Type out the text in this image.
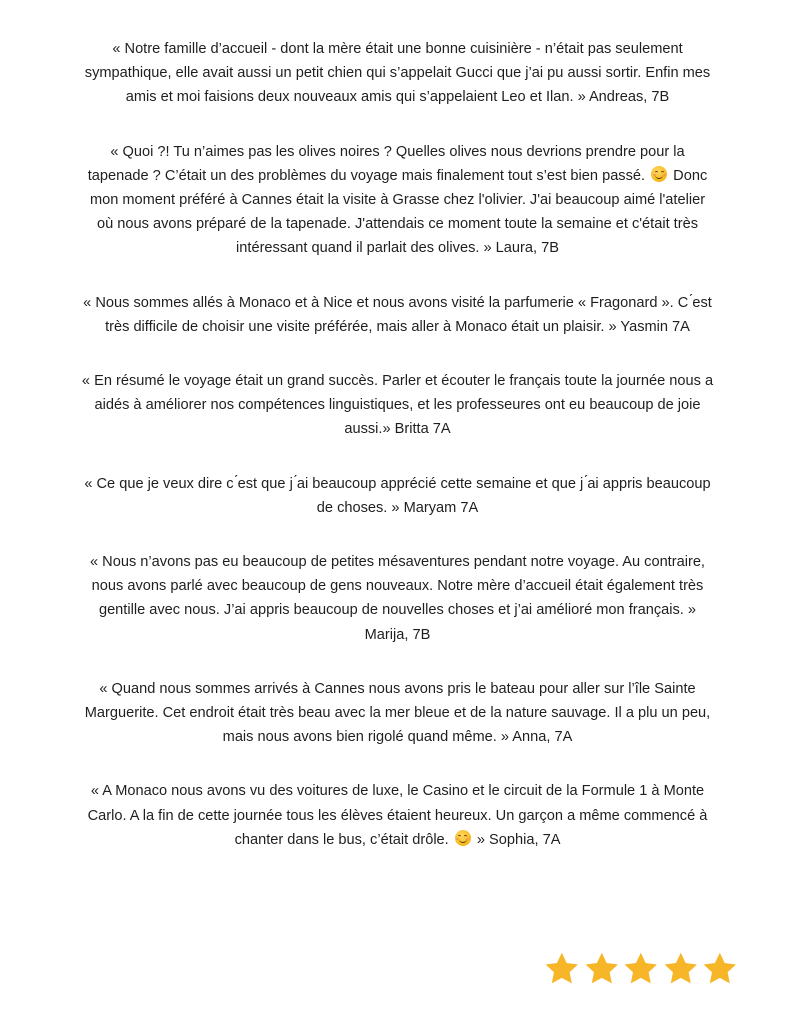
« Notre famille d’accueil - dont la mère était une bonne cuisinière - n’était pas seulement sympathique, elle avait aussi un petit chien qui s’appelait Gucci que j’ai pu aussi sortir. Enfin mes amis et moi faisions deux nouveaux amis qui s’appelaient Leo et Ilan. » Andreas, 7B
« Quoi ?! Tu n’aimes pas les olives noires ? Quelles olives nous devrions prendre pour la tapenade ? C’était un des problèmes du voyage mais finalement tout s’est bien passé.
Donc mon moment préféré à Cannes était la visite à Grasse chez l'olivier. J'ai beaucoup aimé l'atelier où nous avons préparé de la tapenade. J'attendais ce moment toute la semaine et c'était très intéressant quand il parlait des olives. » Laura, 7B
« Nous sommes allés à Monaco et à Nice et nous avons visité la parfumerie « Fragonard ». C ́est très difficile de choisir une visite préférée, mais aller à Monaco était un plaisir. » Yasmin 7A
« En résumé le voyage était un grand succès. Parler et écouter le français toute la journée nous a aidés à améliorer nos compétences linguistiques, et les professeures ont eu beaucoup de joie aussi.» Britta 7A
« Ce que je veux dire c ́est que j ́ai beaucoup apprécié cette semaine et que j ́ai appris beaucoup de choses. » Maryam 7A
« Nous n’avons pas eu beaucoup de petites mésaventures pendant notre voyage. Au contraire, nous avons parlé avec beaucoup de gens nouveaux. Notre mère d’accueil était également très gentille avec nous. J’ai appris beaucoup de nouvelles choses et j’ai amélioré mon français. » Marija, 7B
« Quand nous sommes arrivés à Cannes nous avons pris le bateau pour aller sur l’île Sainte Marguerite. Cet endroit était très beau avec la mer bleue et de la nature sauvage. Il a plu un peu, mais nous avons bien rigolé quand même. » Anna, 7A
« A Monaco nous avons vu des voitures de luxe, le Casino et le circuit de la Formule 1 à Monte Carlo. A la fin de cette journée tous les élèves étaient heureux. Un garçon a même commencé à chanter dans le bus, c’était drôle.
» Sophia, 7A
